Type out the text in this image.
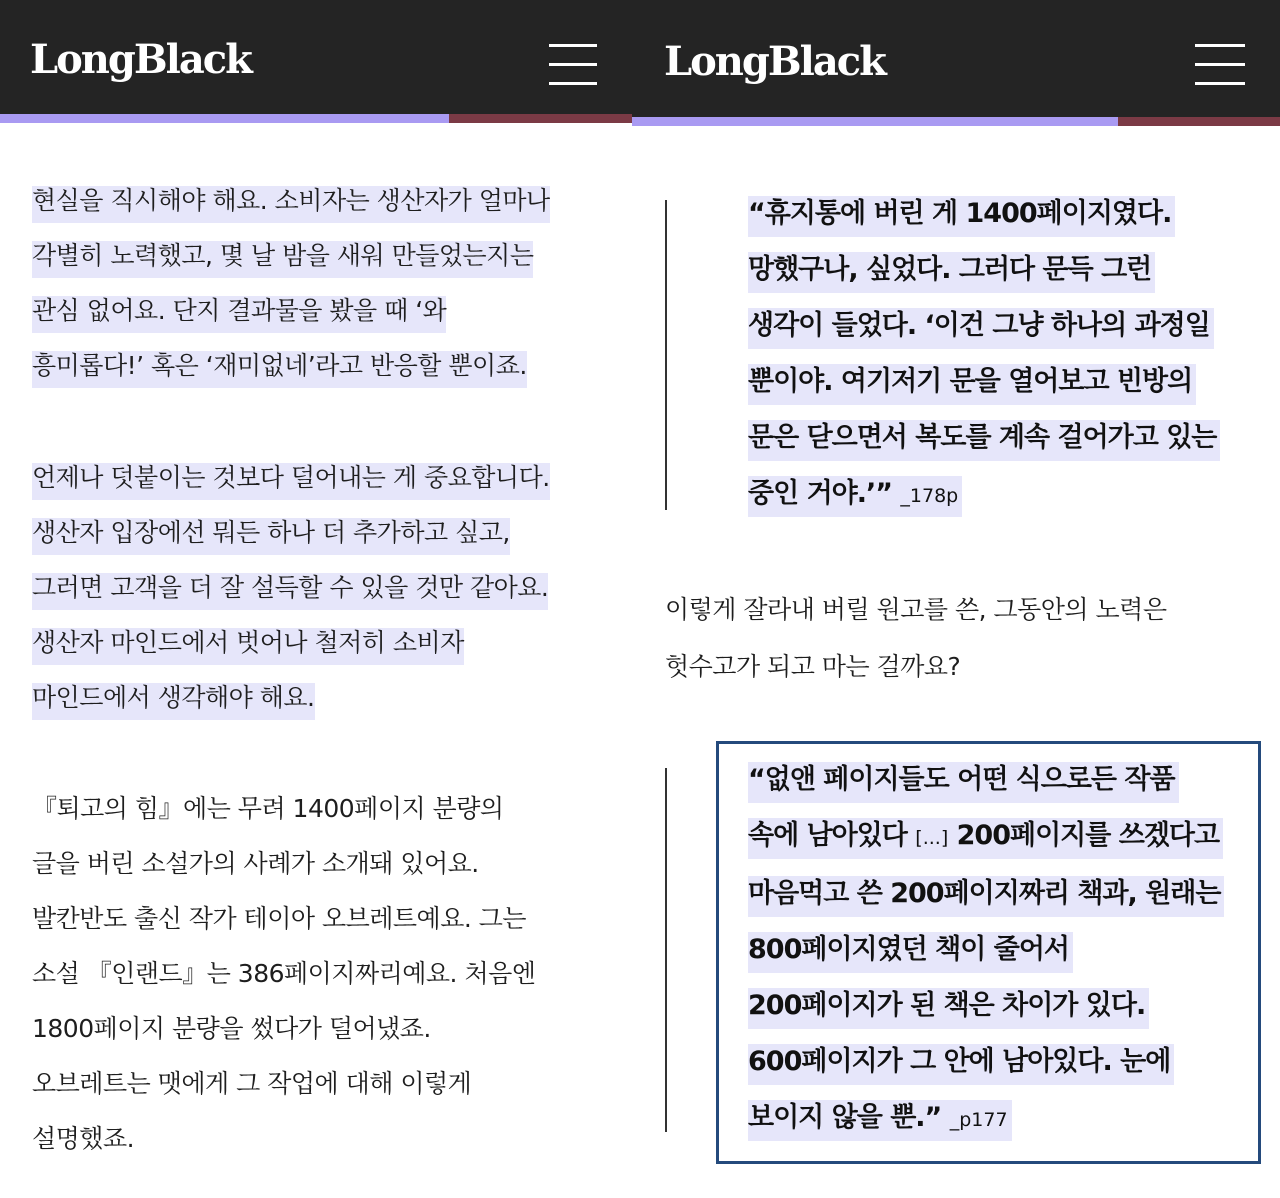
LongBlack
현실을 직시해야 해요. 소비자는 생산자가 얼마나
각별히 노력했고, 몇 날 밤을 새워 만들었는지는
관심 없어요. 단지 결과물을 봤을 때 ‘와
흥미롭다!’ 혹은 ‘재미없네’라고 반응할 뿐이죠.
언제나 덧붙이는 것보다 덜어내는 게 중요합니다.
생산자 입장에선 뭐든 하나 더 추가하고 싶고,
그러면 고객을 더 잘 설득할 수 있을 것만 같아요.
생산자 마인드에서 벗어나 철저히 소비자
마인드에서 생각해야 해요.
『퇴고의 힘』에는 무려 1400페이지 분량의
글을 버린 소설가의 사례가 소개돼 있어요.
발칸반도 출신 작가 테이아 오브레트예요. 그는
소설 『인랜드』는 386페이지짜리예요. 처음엔
1800페이지 분량을 썼다가 덜어냈죠.
오브레트는 맷에게 그 작업에 대해 이렇게
설명했죠.
LongBlack
“휴지통에 버린 게 1400페이지였다.
망했구나, 싶었다. 그러다 문득 그런
생각이 들었다. ‘이건 그냥 하나의 과정일
뿐이야. 여기저기 문을 열어보고 빈방의
문은 닫으면서 복도를 계속 걸어가고 있는
중인 거야.’” _178p
이렇게 잘라내 버릴 원고를 쓴, 그동안의 노력은
헛수고가 되고 마는 걸까요?
“없앤 페이지들도 어떤 식으로든 작품
속에 남아있다 [...] 200페이지를 쓰겠다고
마음먹고 쓴 200페이지짜리 책과, 원래는
800페이지였던 책이 줄어서
200페이지가 된 책은 차이가 있다.
600페이지가 그 안에 남아있다. 눈에
보이지 않을 뿐.” _p177
